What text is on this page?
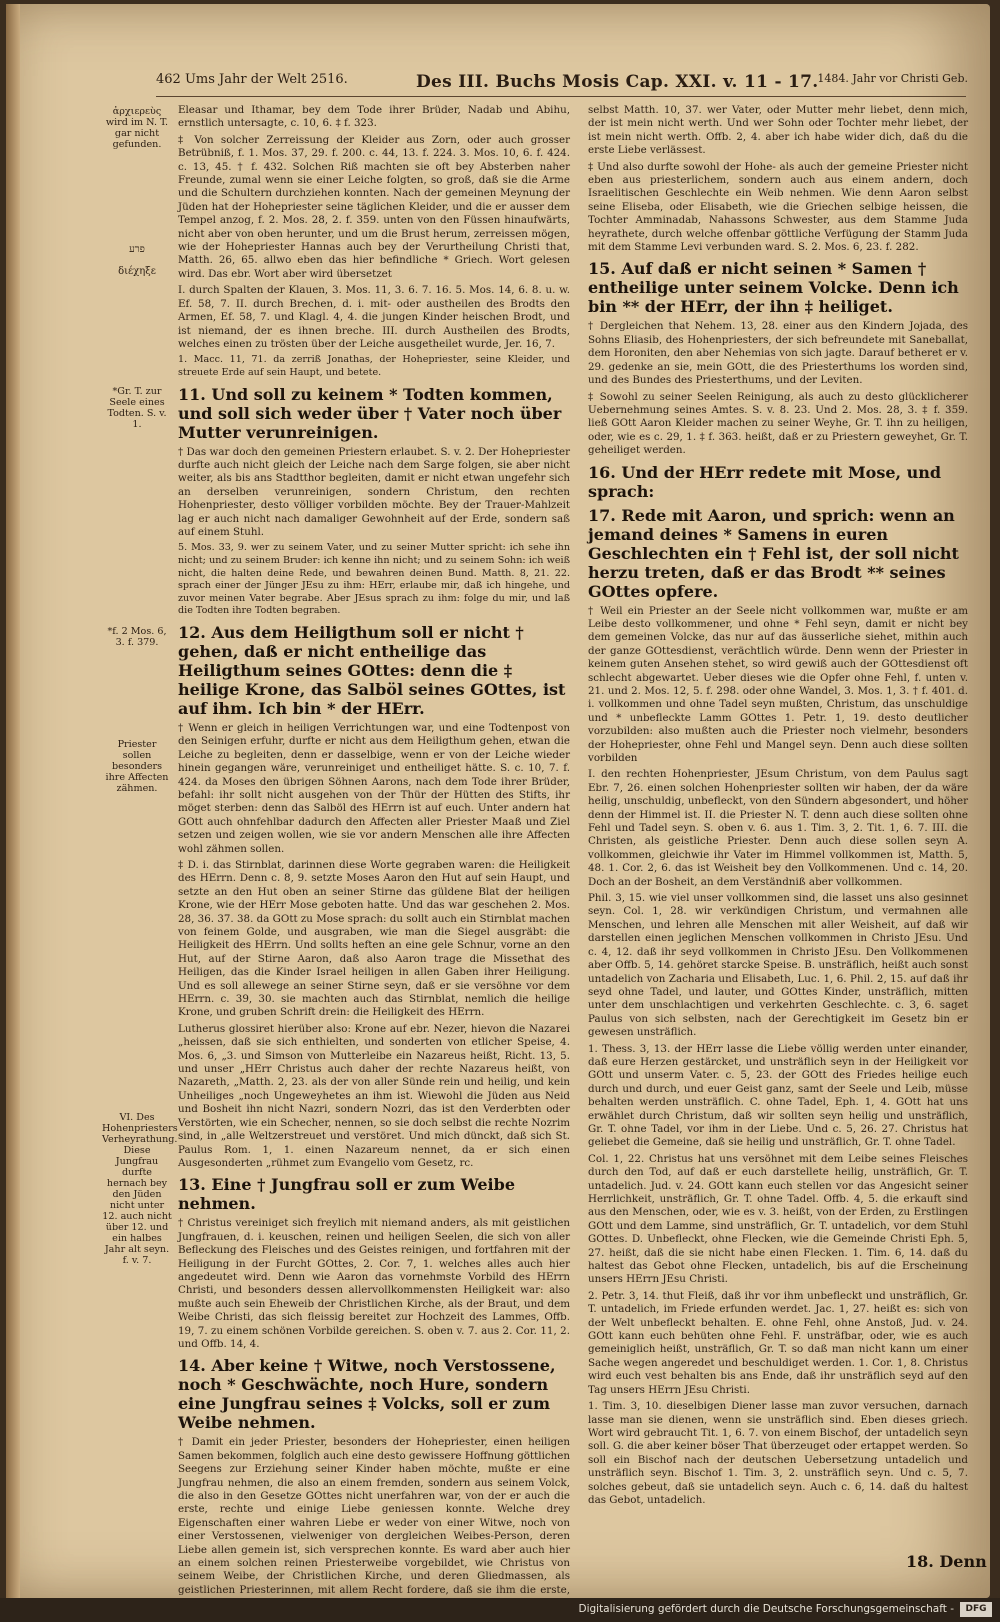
462 Ums Jahr der Welt 2516.	Des III. Buchs Mosis Cap. XXI. v. 11 - 17.
1484. Jahr vor Christi Geb.
ἀρχιερεὺς wird im N. T. gar nicht gefunden.
פרע
διέχηξε
*Gr. T. zur Seele eines Todten. S. v. 1.
*f. 2 Mos. 6, 3. f. 379.
Priester sollen besonders ihre Affecten zähmen.
VI. Des Hohenpriesters Verheyrathung. Diese Jungfrau durfte hernach bey den Jüden nicht unter 12. auch nicht über 12. und ein halbes Jahr alt seyn. f. v. 7.

Eleasar und Ithamar, bey dem Tode ihrer Brüder, Nadab und Abihu, ernstlich untersagte, c. 10, 6. ‡ f. 323.

‡ Von solcher Zerreissung der Kleider aus Zorn, oder auch grosser Betrübniß, f. 1. Mos. 37, 29. f. 200. c. 44, 13. f. 224. 3. Mos. 10, 6. f. 424. c. 13, 45. † f. 432. Solchen Riß machten sie oft bey Absterben naher Freunde, zumal wenn sie einer Leiche folgten, so groß, daß sie die Arme und die Schultern durchziehen konnten. Nach der gemeinen Meynung der Jüden hat der Hohepriester seine täglichen Kleider, und die er ausser dem Tempel anzog, f. 2. Mos. 28, 2. f. 359. unten von den Füssen hinaufwärts, nicht aber von oben herunter, und um die Brust herum, zerreissen mögen, wie der Hohepriester Hannas auch bey der Verurtheilung Christi that, Matth. 26, 65. allwo eben das hier befindliche * Griech. Wort gelesen wird. Das ebr. Wort aber wird übersetzet

I. durch Spalten der Klauen, 3. Mos. 11, 3. 6. 7. 16. 5. Mos. 14, 6. 8. u. w. Ef. 58, 7. II. durch Brechen, d. i. mit- oder austheilen des Brodts den Armen, Ef. 58, 7. und Klagl. 4, 4. die jungen Kinder heischen Brodt, und ist niemand, der es ihnen breche. III. durch Austheilen des Brodts, welches einen zu trösten über der Leiche ausgetheilet wurde, Jer. 16, 7.

1. Macc. 11, 71. da zerriß Jonathas, der Hohepriester, seine Kleider, und streuete Erde auf sein Haupt, und betete.

11. Und soll zu keinem * Todten kommen, und soll sich weder über † Vater noch über Mutter verunreinigen.

† Das war doch den gemeinen Priestern erlaubet. S. v. 2. Der Hohepriester durfte auch nicht gleich der Leiche nach dem Sarge folgen, sie aber nicht weiter, als bis ans Stadtthor begleiten, damit er nicht etwan ungefehr sich an derselben verunreinigen, sondern Christum, den rechten Hohenpriester, desto völliger vorbilden möchte. Bey der Trauer-Mahlzeit lag er auch nicht nach damaliger Gewohnheit auf der Erde, sondern saß auf einem Stuhl.

5. Mos. 33, 9. wer zu seinem Vater, und zu seiner Mutter spricht: ich sehe ihn nicht; und zu seinem Bruder: ich kenne ihn nicht; und zu seinem Sohn: ich weiß nicht, die halten deine Rede, und bewahren deinen Bund. Matth. 8, 21. 22. sprach einer der Jünger JEsu zu ihm: HErr, erlaube mir, daß ich hingehe, und zuvor meinen Vater begrabe. Aber JEsus sprach zu ihm: folge du mir, und laß die Todten ihre Todten begraben.

12. Aus dem Heiligthum soll er nicht † gehen, daß er nicht entheilige das Heiligthum seines GOttes: denn die ‡ heilige Krone, das Salböl seines GOttes, ist auf ihm. Ich bin * der HErr.

† Wenn er gleich in heiligen Verrichtungen war, und eine Todtenpost von den Seinigen erfuhr, durfte er nicht aus dem Heiligthum gehen, etwan die Leiche zu begleiten, denn er dasselbige, wenn er von der Leiche wieder hinein gegangen wäre, verunreiniget und entheiliget hätte. S. c. 10, 7. f. 424. da Moses den übrigen Söhnen Aarons, nach dem Tode ihrer Brüder, befahl: ihr sollt nicht ausgehen von der Thür der Hütten des Stifts, ihr möget sterben: denn das Salböl des HErrn ist auf euch. Unter andern hat GOtt auch ohnfehlbar dadurch den Affecten aller Priester Maaß und Ziel setzen und zeigen wollen, wie sie vor andern Menschen alle ihre Affecten wohl zähmen sollen.

‡ D. i. das Stirnblat, darinnen diese Worte gegraben waren: die Heiligkeit des HErrn. Denn c. 8, 9. setzte Moses Aaron den Hut auf sein Haupt, und setzte an den Hut oben an seiner Stirne das güldene Blat der heiligen Krone, wie der HErr Mose geboten hatte. Und das war geschehen 2. Mos. 28, 36. 37. 38. da GOtt zu Mose sprach: du sollt auch ein Stirnblat machen von feinem Golde, und ausgraben, wie man die Siegel ausgräbt: die Heiligkeit des HErrn. Und sollts heften an eine gele Schnur, vorne an den Hut, auf der Stirne Aaron, daß also Aaron trage die Missethat des Heiligen, das die Kinder Israel heiligen in allen Gaben ihrer Heiligung. Und es soll allewege an seiner Stirne seyn, daß er sie versöhne vor dem HErrn. c. 39, 30. sie machten auch das Stirnblat, nemlich die heilige Krone, und gruben Schrift drein: die Heiligkeit des HErrn.

Lutherus glossiret hierüber also: Krone auf ebr. Nezer, hievon die Nazarei „heissen, daß sie sich enthielten, und sonderten von etlicher Speise, 4. Mos. 6, „3. und Simson von Mutterleibe ein Nazareus heißt, Richt. 13, 5. und unser „HErr Christus auch daher der rechte Nazareus heißt, von Nazareth, „Matth. 2, 23. als der von aller Sünde rein und heilig, und kein Unheiliges „noch Ungeweyhetes an ihm ist. Wiewohl die Jüden aus Neid und Bosheit ihn nicht Nazri, sondern Nozri, das ist den Verderbten oder Verstörten, wie ein Schecher, nennen, so sie doch selbst die rechte Nozrim sind, in „alle Weltzerstreuet und verstöret. Und mich dünckt, daß sich St. Paulus Rom. 1, 1. einen Nazareum nennet, da er sich einen Ausgesonderten „rühmet zum Evangelio vom Gesetz, rc.

13. Eine † Jungfrau soll er zum Weibe nehmen.

† Christus vereiniget sich freylich mit niemand anders, als mit geistlichen Jungfrauen, d. i. keuschen, reinen und heiligen Seelen, die sich von aller Befleckung des Fleisches und des Geistes reinigen, und fortfahren mit der Heiligung in der Furcht GOttes, 2. Cor. 7, 1. welches alles auch hier angedeutet wird. Denn wie Aaron das vornehmste Vorbild des HErrn Christi, und besonders dessen allervollkommensten Heiligkeit war: also mußte auch sein Eheweib der Christlichen Kirche, als der Braut, und dem Weibe Christi, das sich fleissig bereitet zur Hochzeit des Lammes, Offb. 19, 7. zu einem schönen Vorbilde gereichen. S. oben v. 7. aus 2. Cor. 11, 2. und Offb. 14, 4.

14. Aber keine † Witwe, noch Verstossene, noch * Geschwächte, noch Hure, sondern eine Jungfrau seines ‡ Volcks, soll er zum Weibe nehmen.

† Damit ein jeder Priester, besonders der Hohepriester, einen heiligen Samen bekommen, folglich auch eine desto gewissere Hoffnung göttlichen Seegens zur Erziehung seiner Kinder haben möchte, mußte er eine Jungfrau nehmen, die also an einem fremden, sondern aus seinem Volck, die also in den Gesetze GOttes nicht unerfahren war, von der er auch die erste, rechte und einige Liebe geniessen konnte. Welche drey Eigenschaften einer wahren Liebe er weder von einer Witwe, noch von einer Verstossenen, vielweniger von dergleichen Weibes-Person, deren Liebe allen gemein ist, sich versprechen konnte. Es ward aber auch hier an einem solchen reinen Priesterweibe vorgebildet, wie Christus von seinem Weibe, der Christlichen Kirche, und deren Gliedmassen, als geistlichen Priesterinnen, mit allem Recht fordere, daß sie ihm die erste,

selbst Matth. 10, 37. wer Vater, oder Mutter mehr liebet, denn mich, der ist mein nicht werth. Und wer Sohn oder Tochter mehr liebet, der ist mein nicht werth. Offb. 2, 4. aber ich habe wider dich, daß du die erste Liebe verlässest.

‡ Und also durfte sowohl der Hohe- als auch der gemeine Priester nicht eben aus priesterlichem, sondern auch aus einem andern, doch Israelitischen Geschlechte ein Weib nehmen. Wie denn Aaron selbst seine Eliseba, oder Elisabeth, wie die Griechen selbige heissen, die Tochter Amminadab, Nahassons Schwester, aus dem Stamme Juda heyrathete, durch welche offenbar göttliche Verfügung der Stamm Juda mit dem Stamme Levi verbunden ward. S. 2. Mos. 6, 23. f. 282.

15. Auf daß er nicht seinen * Samen † entheilige unter seinem Volcke. Denn ich bin ** der HErr, der ihn ‡ heiliget.

† Dergleichen that Nehem. 13, 28. einer aus den Kindern Jojada, des Sohns Eliasib, des Hohenpriesters, der sich befreundete mit Saneballat, dem Horoniten, den aber Nehemias von sich jagte. Darauf betheret er v. 29. gedenke an sie, mein GOtt, die des Priesterthums los worden sind, und des Bundes des Priesterthums, und der Leviten.

‡ Sowohl zu seiner Seelen Reinigung, als auch zu desto glücklicherer Uebernehmung seines Amtes. S. v. 8. 23. Und 2. Mos. 28, 3. ‡ f. 359. ließ GOtt Aaron Kleider machen zu seiner Weyhe, Gr. T. ihn zu heiligen, oder, wie es c. 29, 1. ‡ f. 363. heißt, daß er zu Priestern geweyhet, Gr. T. geheiliget werden.

16. Und der HErr redete mit Mose, und sprach:

17. Rede mit Aaron, und sprich: wenn an jemand deines * Samens in euren Geschlechten ein † Fehl ist, der soll nicht herzu treten, daß er das Brodt ** seines GOttes opfere.

† Weil ein Priester an der Seele nicht vollkommen war, mußte er am Leibe desto vollkommener, und ohne * Fehl seyn, damit er nicht bey dem gemeinen Volcke, das nur auf das äusserliche siehet, mithin auch der ganze GOttesdienst, verächtlich würde. Denn wenn der Priester in keinem guten Ansehen stehet, so wird gewiß auch der GOttesdienst oft schlecht abgewartet. Ueber dieses wie die Opfer ohne Fehl, f. unten v. 21. und 2. Mos. 12, 5. f. 298. oder ohne Wandel, 3. Mos. 1, 3. † f. 401. d. i. vollkommen und ohne Tadel seyn mußten, Christum, das unschuldige und * unbefleckte Lamm GOttes 1. Petr. 1, 19. desto deutlicher vorzubilden: also mußten auch die Priester noch vielmehr, besonders der Hohepriester, ohne Fehl und Mangel seyn. Denn auch diese sollten vorbilden

I. den rechten Hohenpriester, JEsum Christum, von dem Paulus sagt Ebr. 7, 26. einen solchen Hohenpriester sollten wir haben, der da wäre heilig, unschuldig, unbefleckt, von den Sündern abgesondert, und höher denn der Himmel ist. II. die Priester N. T. denn auch diese sollten ohne Fehl und Tadel seyn. S. oben v. 6. aus 1. Tim. 3, 2. Tit. 1, 6. 7. III. die Christen, als geistliche Priester. Denn auch diese sollen seyn A. vollkommen, gleichwie ihr Vater im Himmel vollkommen ist, Matth. 5, 48. 1. Cor. 2, 6. das ist Weisheit bey den Vollkommenen. Und c. 14, 20. Doch an der Bosheit, an dem Verständniß aber vollkommen.

Phil. 3, 15. wie viel unser vollkommen sind, die lasset uns also gesinnet seyn. Col. 1, 28. wir verkündigen Christum, und vermahnen alle Menschen, und lehren alle Menschen mit aller Weisheit, auf daß wir darstellen einen jeglichen Menschen vollkommen in Christo JEsu. Und c. 4, 12. daß ihr seyd vollkommen in Christo JEsu. Den Vollkommenen aber Offb. 5, 14. gehöret starcke Speise. B. unsträflich, heißt auch sonst untadelich von Zacharia und Elisabeth, Luc. 1, 6. Phil. 2, 15. auf daß ihr seyd ohne Tadel, und lauter, und GOttes Kinder, unsträflich, mitten unter dem unschlachtigen und verkehrten Geschlechte. c. 3, 6. saget Paulus von sich selbsten, nach der Gerechtigkeit im Gesetz bin er gewesen unsträflich.

1. Thess. 3, 13. der HErr lasse die Liebe völlig werden unter einander, daß eure Herzen gestärcket, und unsträflich seyn in der Heiligkeit vor GOtt und unserm Vater. c. 5, 23. der GOtt des Friedes heilige euch durch und durch, und euer Geist ganz, samt der Seele und Leib, müsse behalten werden unsträflich. C. ohne Tadel, Eph. 1, 4. GOtt hat uns erwählet durch Christum, daß wir sollten seyn heilig und unsträflich, Gr. T. ohne Tadel, vor ihm in der Liebe. Und c. 5, 26. 27. Christus hat geliebet die Gemeine, daß sie heilig und unsträflich, Gr. T. ohne Tadel.

Col. 1, 22. Christus hat uns versöhnet mit dem Leibe seines Fleisches durch den Tod, auf daß er euch darstellete heilig, unsträflich, Gr. T. untadelich. Jud. v. 24. GOtt kann euch stellen vor das Angesicht seiner Herrlichkeit, unsträflich, Gr. T. ohne Tadel. Offb. 4, 5. die erkauft sind aus den Menschen, oder, wie es v. 3. heißt, von der Erden, zu Erstlingen GOtt und dem Lamme, sind unsträflich, Gr. T. untadelich, vor dem Stuhl GOttes. D. Unbefleckt, ohne Flecken, wie die Gemeinde Christi Eph. 5, 27. heißt, daß die sie nicht habe einen Flecken. 1. Tim. 6, 14. daß du haltest das Gebot ohne Flecken, untadelich, bis auf die Erscheinung unsers HErrn JEsu Christi.

2. Petr. 3, 14. thut Fleiß, daß ihr vor ihm unbefleckt und unsträflich, Gr. T. untadelich, im Friede erfunden werdet. Jac. 1, 27. heißt es: sich von der Welt unbefleckt behalten. E. ohne Fehl, ohne Anstoß, Jud. v. 24. GOtt kann euch behüten ohne Fehl. F. unsträfbar, oder, wie es auch gemeiniglich heißt, unsträflich, Gr. T. so daß man nicht kann um einer Sache wegen angeredet und beschuldiget werden. 1. Cor. 1, 8. Christus wird euch vest behalten bis ans Ende, daß ihr unsträflich seyd auf den Tag unsers HErrn JEsu Christi.

1. Tim. 3, 10. dieselbigen Diener lasse man zuvor versuchen, darnach lasse man sie dienen, wenn sie unsträflich sind. Eben dieses griech. Wort wird gebraucht Tit. 1, 6. 7. von einem Bischof, der untadelich seyn soll. G. die aber keiner böser That überzeuget oder ertappet werden. So soll ein Bischof nach der deutschen Uebersetzung untadelich und unsträflich seyn. Bischof 1. Tim. 3, 2. unsträflich seyn. Und c. 5, 7. solches gebeut, daß sie untadelich seyn. Auch c. 6, 14. daß du haltest das Gebot, untadelich.

18. Denn
Digitalisierung gefördert durch die Deutsche Forschungsgemeinschaft -	DFG
